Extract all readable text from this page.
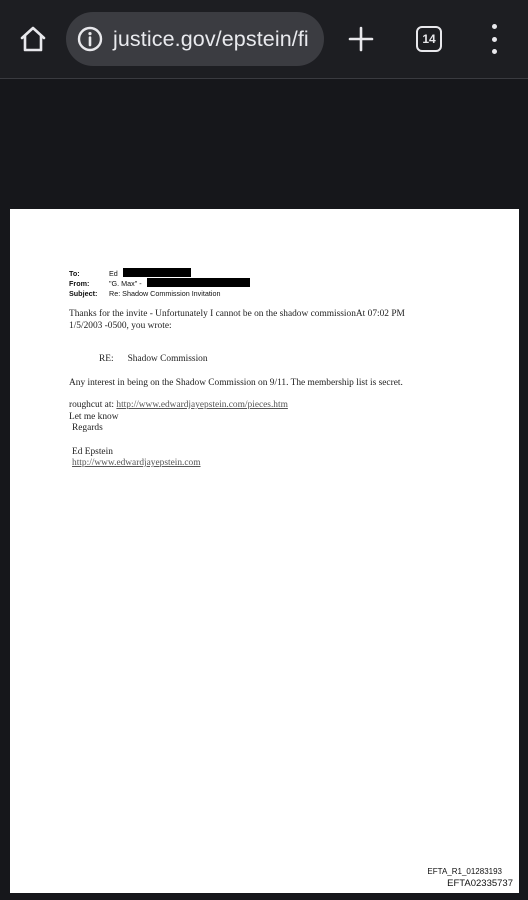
justice.gov/epstein/fi	14
To:	Ed
From:	"G. Max" -
Subject:	Re: Shadow Commission Invitation
Thanks for the invite - Unfortunately I cannot be on the shadow commissionAt 07:02 PM
1/5/2003 -0500, you wrote:
RE: Shadow Commission
Any interest in being on the Shadow Commission on 9/11. The membership list is secret.
roughcut at: http://www.edwardjayepstein.com/pieces.htm
Let me know
Regards
Ed Epstein
http://www.edwardjayepstein.com
EFTA_R1_01283193
EFTA02335737
